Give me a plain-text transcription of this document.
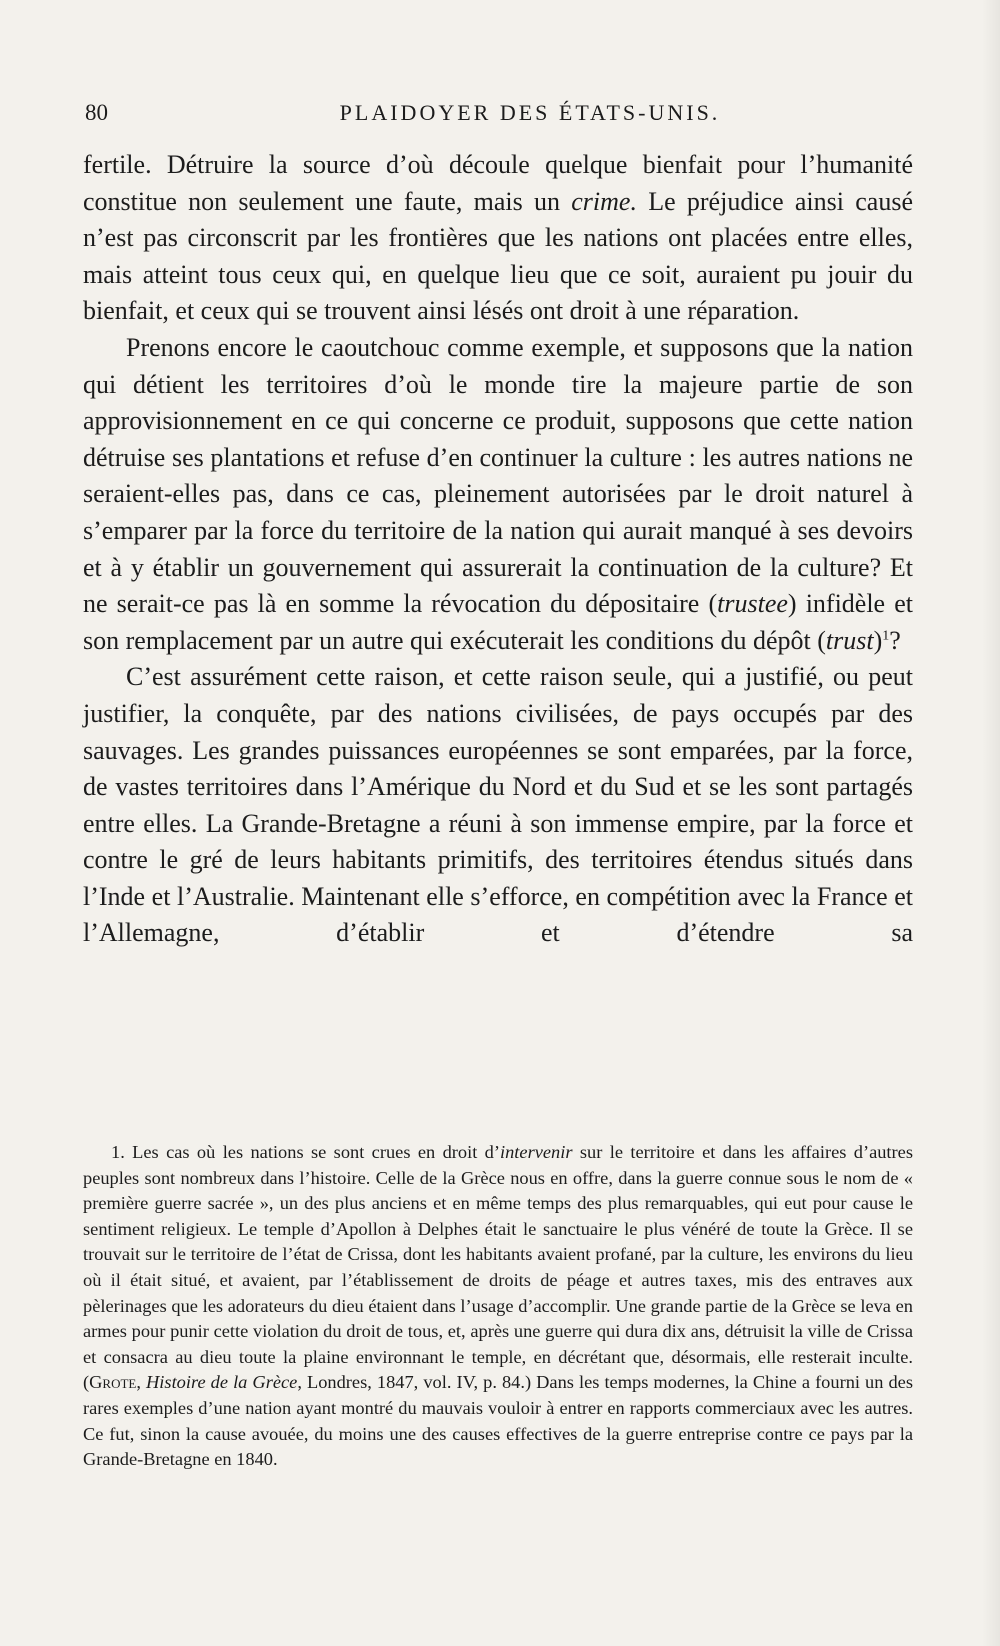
80	PLAIDOYER DES ÉTATS-UNIS.

fertile. Détruire la source d’où découle quelque bienfait pour l’humanité constitue non seulement une faute, mais un crime. Le préjudice ainsi causé n’est pas circonscrit par les frontières que les nations ont placées entre elles, mais atteint tous ceux qui, en quelque lieu que ce soit, auraient pu jouir du bienfait, et ceux qui se trouvent ainsi lésés ont droit à une réparation.

Prenons encore le caoutchouc comme exemple, et supposons que la nation qui détient les territoires d’où le monde tire la majeure partie de son approvisionnement en ce qui concerne ce produit, supposons que cette nation détruise ses plantations et refuse d’en continuer la culture : les autres nations ne seraient-elles pas, dans ce cas, pleinement autorisées par le droit naturel à s’emparer par la force du territoire de la nation qui aurait manqué à ses devoirs et à y établir un gouvernement qui assurerait la continuation de la culture? Et ne serait-ce pas là en somme la révocation du dépositaire (trustee) infidèle et son remplacement par un autre qui exécuterait les conditions du dépôt (trust)$^1$?

C’est assurément cette raison, et cette raison seule, qui a justifié, ou peut justifier, la conquête, par des nations civilisées, de pays occupés par des sauvages. Les grandes puissances européennes se sont emparées, par la force, de vastes territoires dans l’Amérique du Nord et du Sud et se les sont partagés entre elles. La Grande-Bretagne a réuni à son immense empire, par la force et contre le gré de leurs habitants primitifs, des territoires étendus situés dans l’Inde et l’Australie. Maintenant elle s’efforce, en compétition avec la France et l’Allemagne, d’établir et d’étendre sa

1. Les cas où les nations se sont crues en droit d’intervenir sur le territoire et dans les affaires d’autres peuples sont nombreux dans l’histoire. Celle de la Grèce nous en offre, dans la guerre connue sous le nom de « première guerre sacrée », un des plus anciens et en même temps des plus remarquables, qui eut pour cause le sentiment religieux. Le temple d’Apollon à Delphes était le sanctuaire le plus vénéré de toute la Grèce. Il se trouvait sur le territoire de l’état de Crissa, dont les habitants avaient profané, par la culture, les environs du lieu où il était situé, et avaient, par l’établissement de droits de péage et autres taxes, mis des entraves aux pèlerinages que les adorateurs du dieu étaient dans l’usage d’accomplir. Une grande partie de la Grèce se leva en armes pour punir cette violation du droit de tous, et, après une guerre qui dura dix ans, détruisit la ville de Crissa et consacra au dieu toute la plaine environnant le temple, en décrétant que, désormais, elle resterait inculte. (Grote, Histoire de la Grèce, Londres, 1847, vol. IV, p. 84.) Dans les temps modernes, la Chine a fourni un des rares exemples d’une nation ayant montré du mauvais vouloir à entrer en rapports commerciaux avec les autres. Ce fut, sinon la cause avouée, du moins une des causes effectives de la guerre entreprise contre ce pays par la Grande-Bretagne en 1840.
